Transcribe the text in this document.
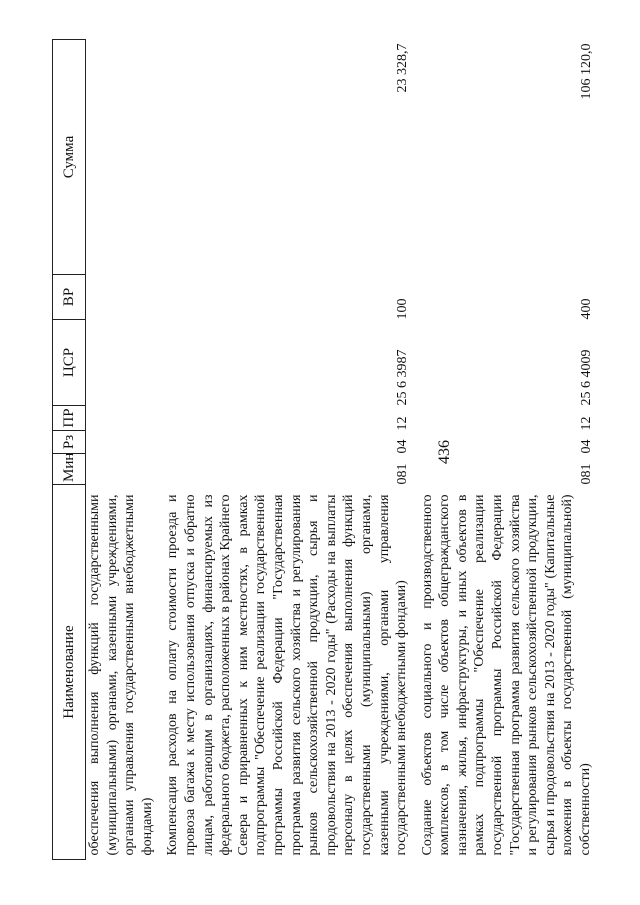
436
Наименование	Мин	Рз	ПР	ЦСР	ВР	Сумма
обеспечения выполнения функций государственными (муниципальными) органами, казенными учреждениями, органами управления государственными внебюджетными фондами)						
Компенсация расходов на оплату стоимости проезда и провоза багажа к месту использования отпуска и обратно лицам, работающим в организациях, финансируемых из федерального бюджета, расположенных в районах Крайнего Севера и приравненных к ним местностях, в рамках подпрограммы "Обеспечение реализации государственной программы Российской Федерации "Государственная программа развития сельского хозяйства и регулирования рынков сельскохозяйственной продукции, сырья и продовольствия на 2013 - 2020 годы" (Расходы на выплаты персоналу в целях обеспечения выполнения функций государственными (муниципальными) органами, казенными учреждениями, органами управления государственными внебюджетными фондами)	081	04	12	25 6 3987	100	23 328,7
Создание объектов социального и производственного комплексов, в том числе объектов общегражданского назначения, жилья, инфраструктуры, и иных объектов в рамках подпрограммы "Обеспечение реализации государственной программы Российской Федерации "Государственная программа развития сельского хозяйства и регулирования рынков сельскохозяйственной продукции, сырья и продовольствия на 2013 - 2020 годы" (Капитальные вложения в объекты государственной (муниципальной) собственности)	081	04	12	25 6 4009	400	106 120,0
